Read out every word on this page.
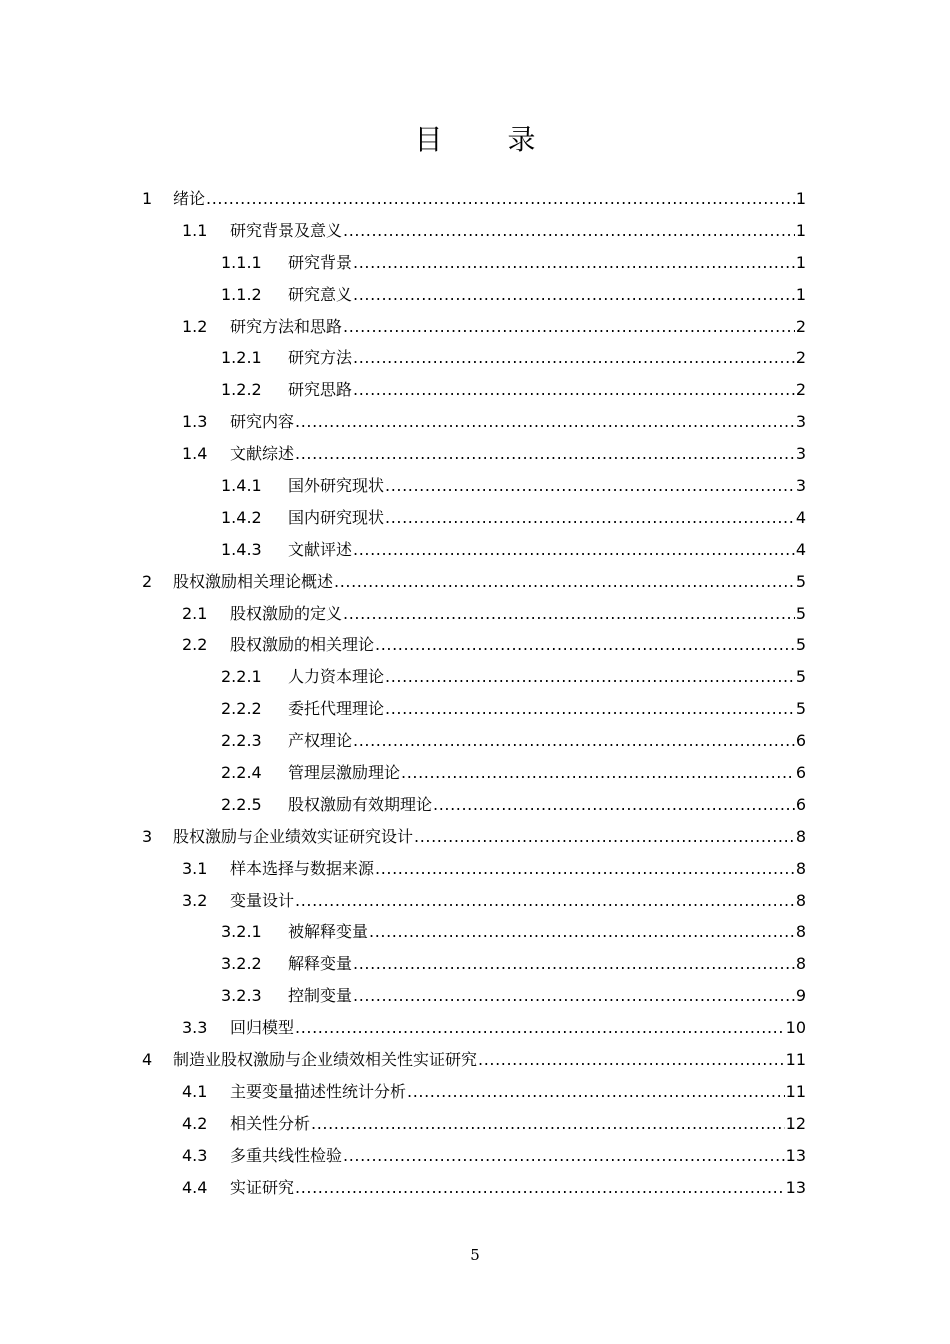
目 录
1	绪论 .....	1
1.1	研究背景及意义 .....	1
1.1.1	研究背景 .....	1
1.1.2	研究意义 .....	1
1.2	研究方法和思路 .....	2
1.2.1	研究方法 .....	2
1.2.2	研究思路 .....	2
1.3	研究内容 .....	3
1.4	文献综述 .....	3
1.4.1	国外研究现状 .....	3
1.4.2	国内研究现状 .....	4
1.4.3	文献评述 .....	4
2	股权激励相关理论概述 .....	5
2.1	股权激励的定义 .....	5
2.2	股权激励的相关理论 .....	5
2.2.1	人力资本理论 .....	5
2.2.2	委托代理理论 .....	5
2.2.3	产权理论 .....	6
2.2.4	管理层激励理论 .....	6
2.2.5	股权激励有效期理论 .....	6
3	股权激励与企业绩效实证研究设计 .....	8
3.1	样本选择与数据来源 .....	8
3.2	变量设计 .....	8
3.2.1	被解释变量 .....	8
3.2.2	解释变量 .....	8
3.2.3	控制变量 .....	9
3.3	回归模型 .....	10
4	制造业股权激励与企业绩效相关性实证研究 .....	11
4.1	主要变量描述性统计分析 .....	11
4.2	相关性分析 .....	12
4.3	多重共线性检验 .....	13
4.4	实证研究 .....	13
5
